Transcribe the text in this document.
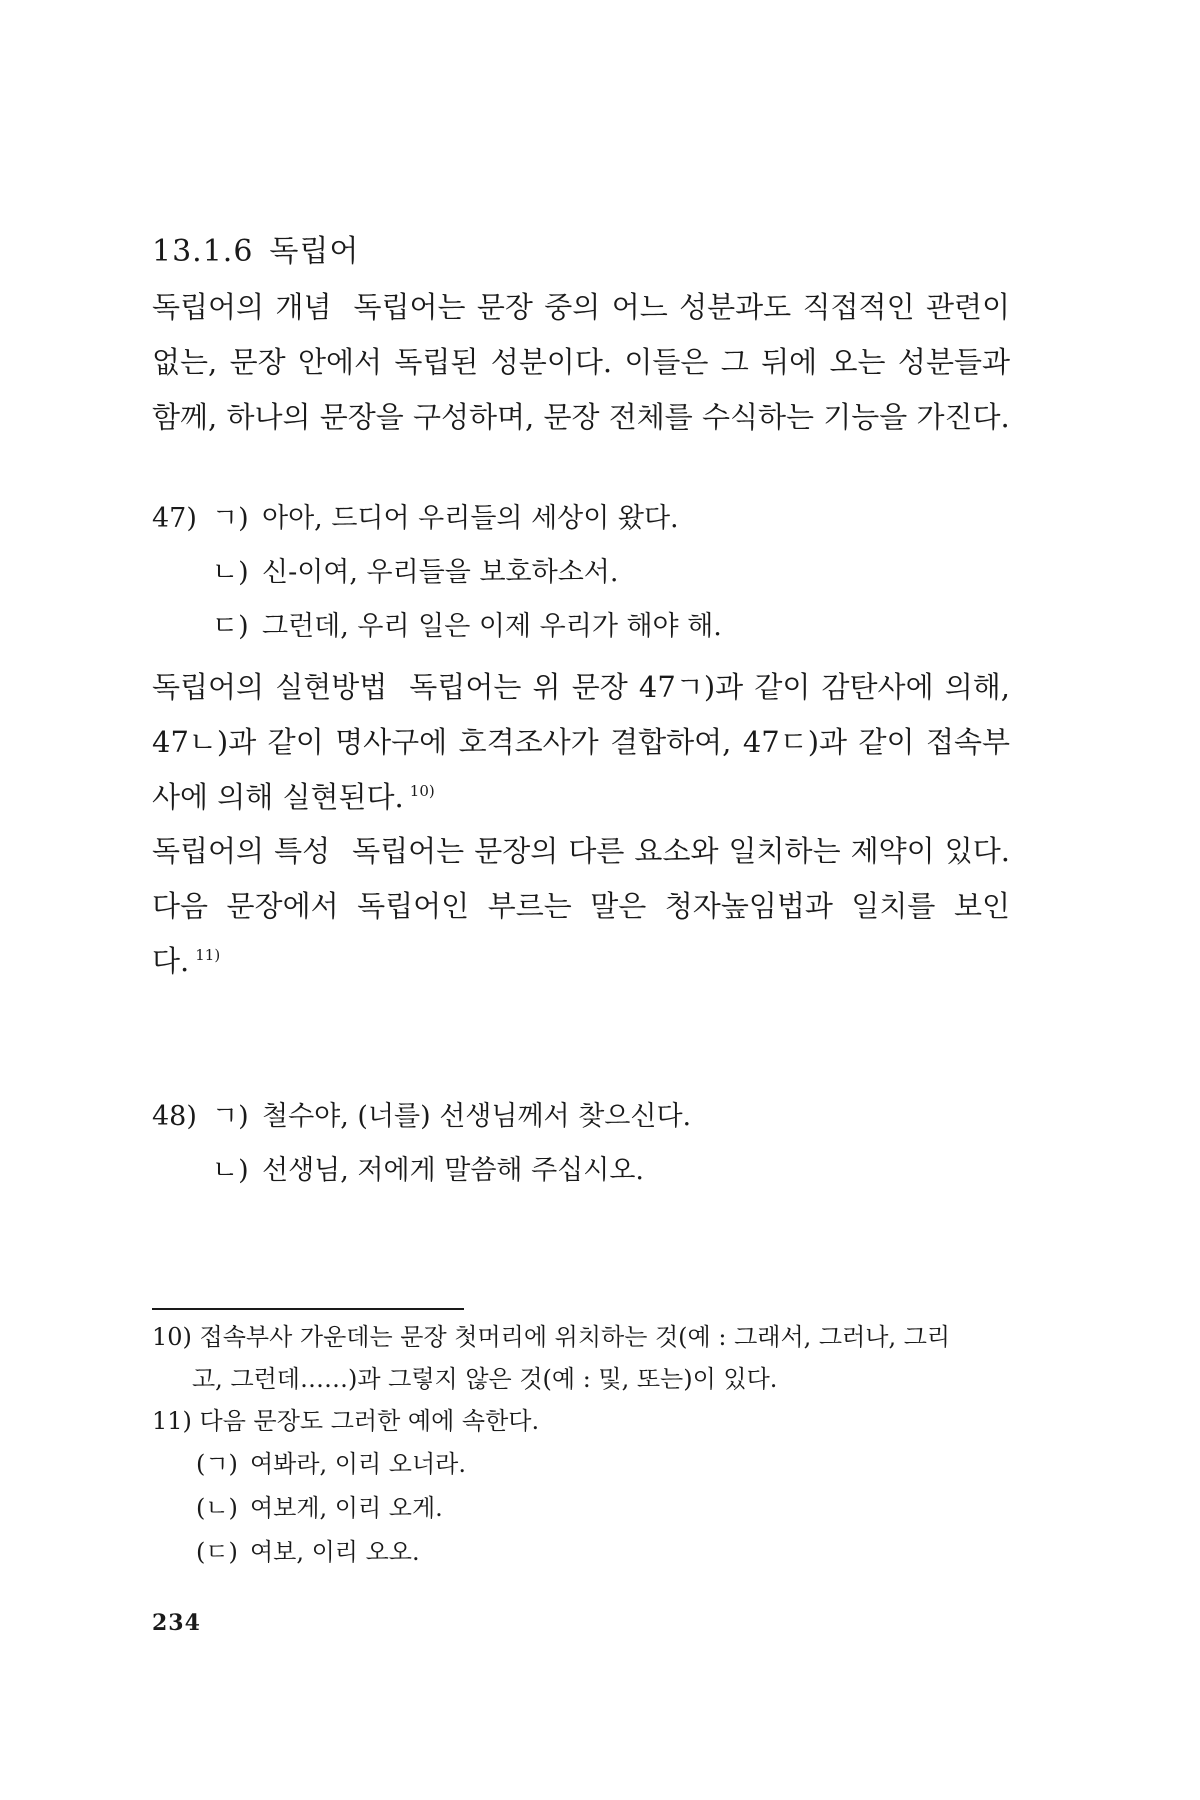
13.1.6 독립어
독립어의 개념 독립어는 문장 중의 어느 성분과도 직접적인 관련이 없는, 문장 안에서 독립된 성분이다. 이들은 그 뒤에 오는 성분들과 함께, 하나의 문장을 구성하며, 문장 전체를 수식하는 기능을 가진다.
47) ㄱ) 아아, 드디어 우리들의 세상이 왔다.
ㄴ) 신-이여, 우리들을 보호하소서.
ㄷ) 그런데, 우리 일은 이제 우리가 해야 해.
독립어의 실현방법 독립어는 위 문장 47ㄱ)과 같이 감탄사에 의해, 47ㄴ)과 같이 명사구에 호격조사가 결합하여, 47ㄷ)과 같이 접속부사에 의해 실현된다. $^{10)}$
독립어의 특성 독립어는 문장의 다른 요소와 일치하는 제약이 있다. 다음 문장에서 독립어인 부르는 말은 청자높임법과 일치를 보인다. $^{11)}$
48) ㄱ) 철수야, (너를) 선생님께서 찾으신다.
ㄴ) 선생님, 저에게 말씀해 주십시오.
10) 접속부사 가운데는 문장 첫머리에 위치하는 것(예 : 그래서, 그러나, 그리
고, 그런데……)과 그렇지 않은 것(예 : 및, 또는)이 있다.
11) 다음 문장도 그러한 예에 속한다.
(ㄱ) 여봐라, 이리 오너라.
(ㄴ) 여보게, 이리 오게.
(ㄷ) 여보, 이리 오오.
234
